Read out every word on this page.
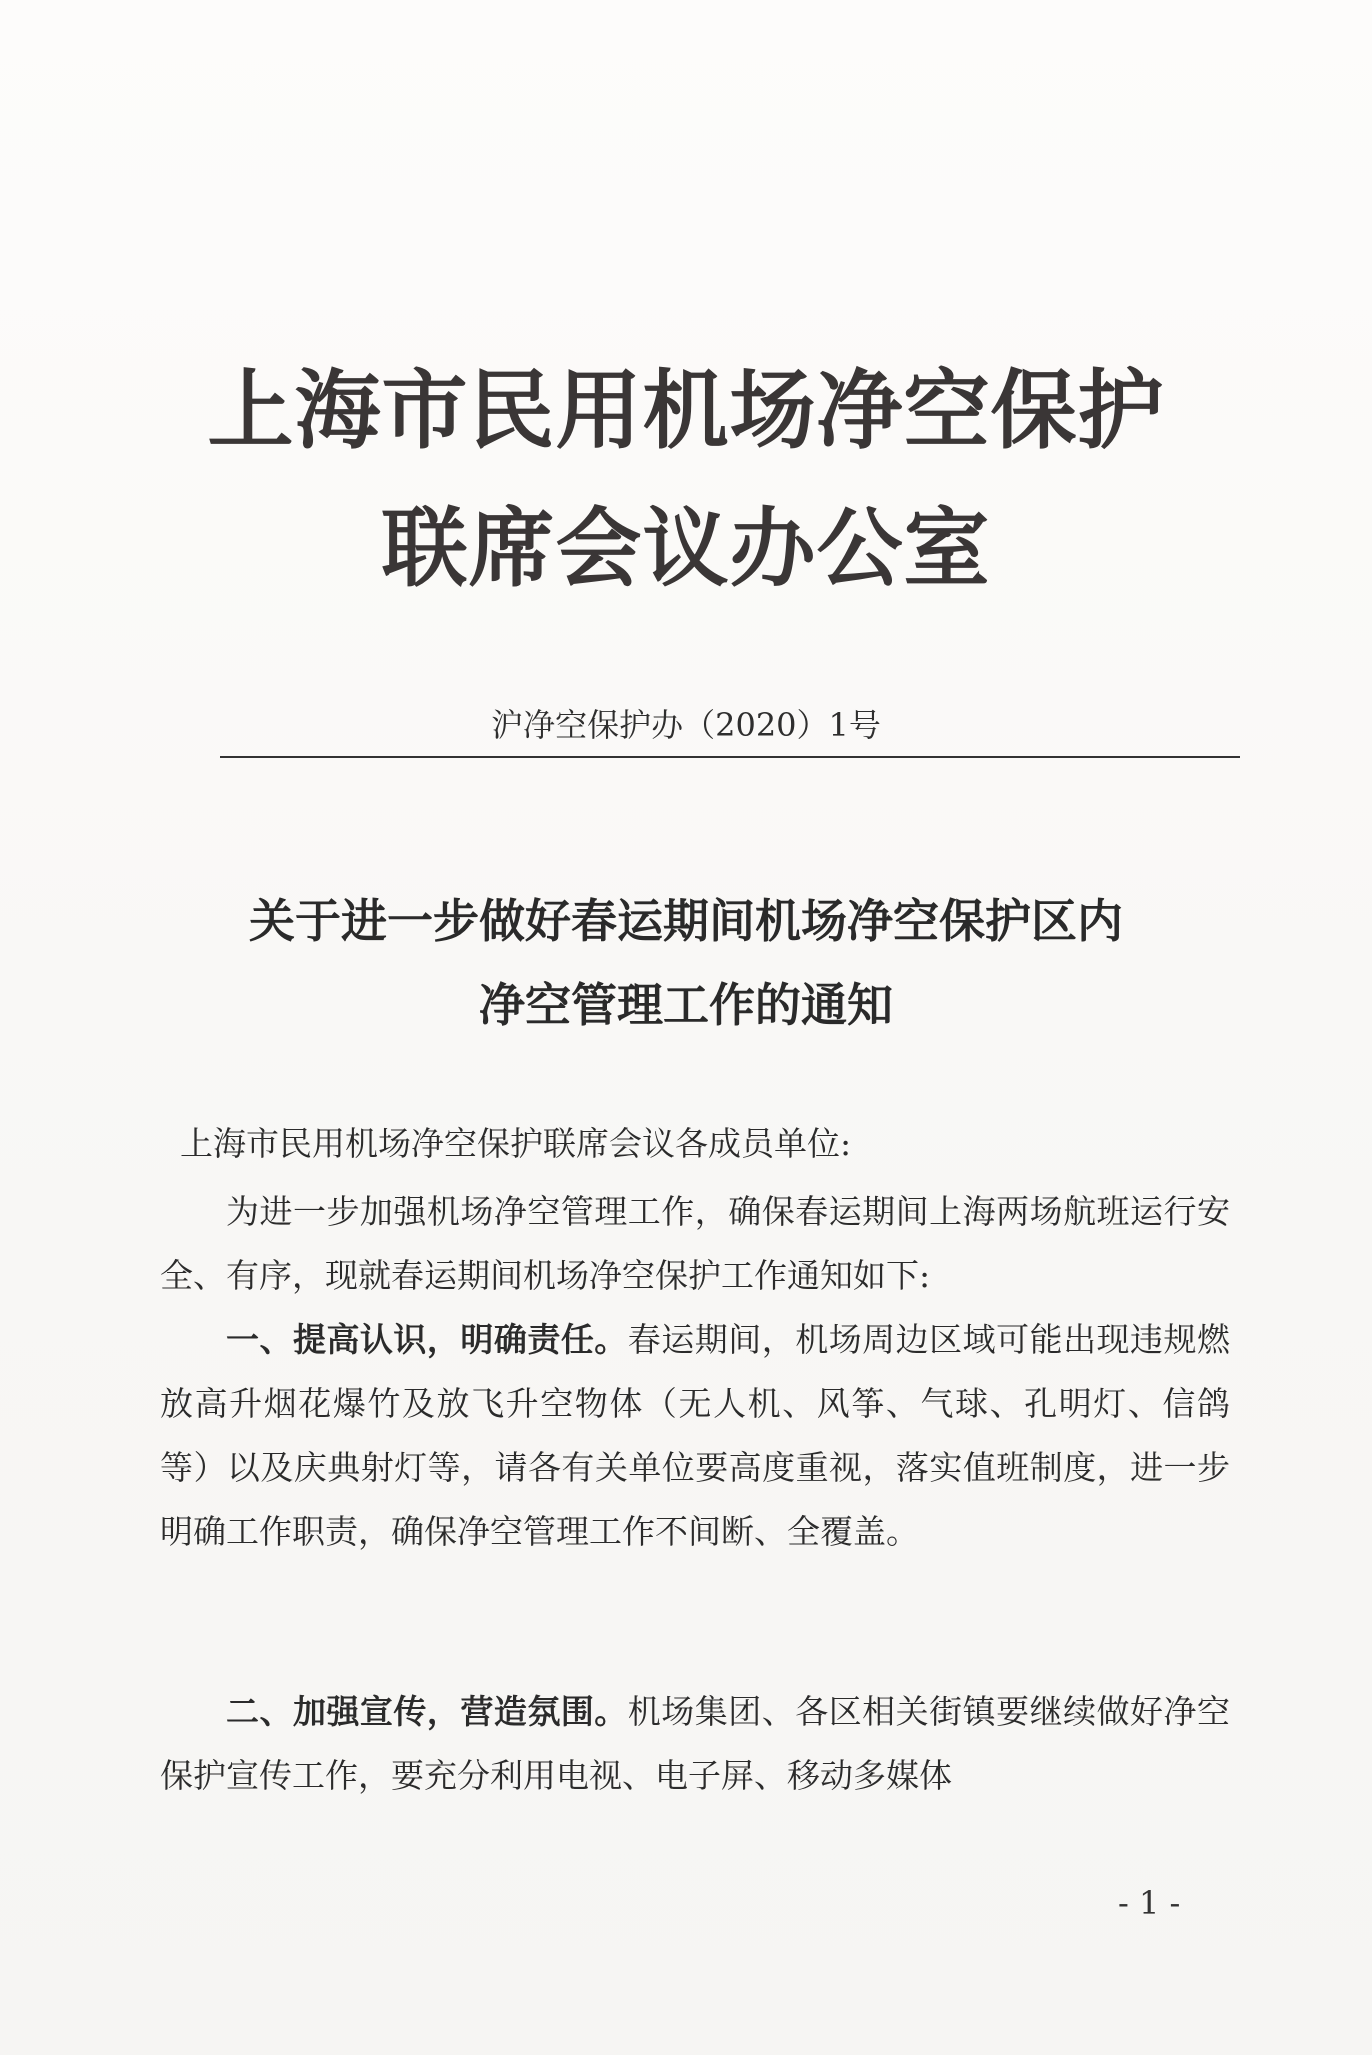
上海市民用机场净空保护
联席会议办公室
沪净空保护办（2020）1号
关于进一步做好春运期间机场净空保护区内
净空管理工作的通知
上海市民用机场净空保护联席会议各成员单位:

为进一步加强机场净空管理工作，确保春运期间上海两场航班运行安全、有序，现就春运期间机场净空保护工作通知如下:

一、提高认识，明确责任。春运期间，机场周边区域可能出现违规燃放高升烟花爆竹及放飞升空物体（无人机、风筝、气球、孔明灯、信鸽等）以及庆典射灯等，请各有关单位要高度重视，落实值班制度，进一步明确工作职责，确保净空管理工作不间断、全覆盖。

二、加强宣传，营造氛围。机场集团、各区相关街镇要继续做好净空保护宣传工作，要充分利用电视、电子屏、移动多媒体

- 1 -
